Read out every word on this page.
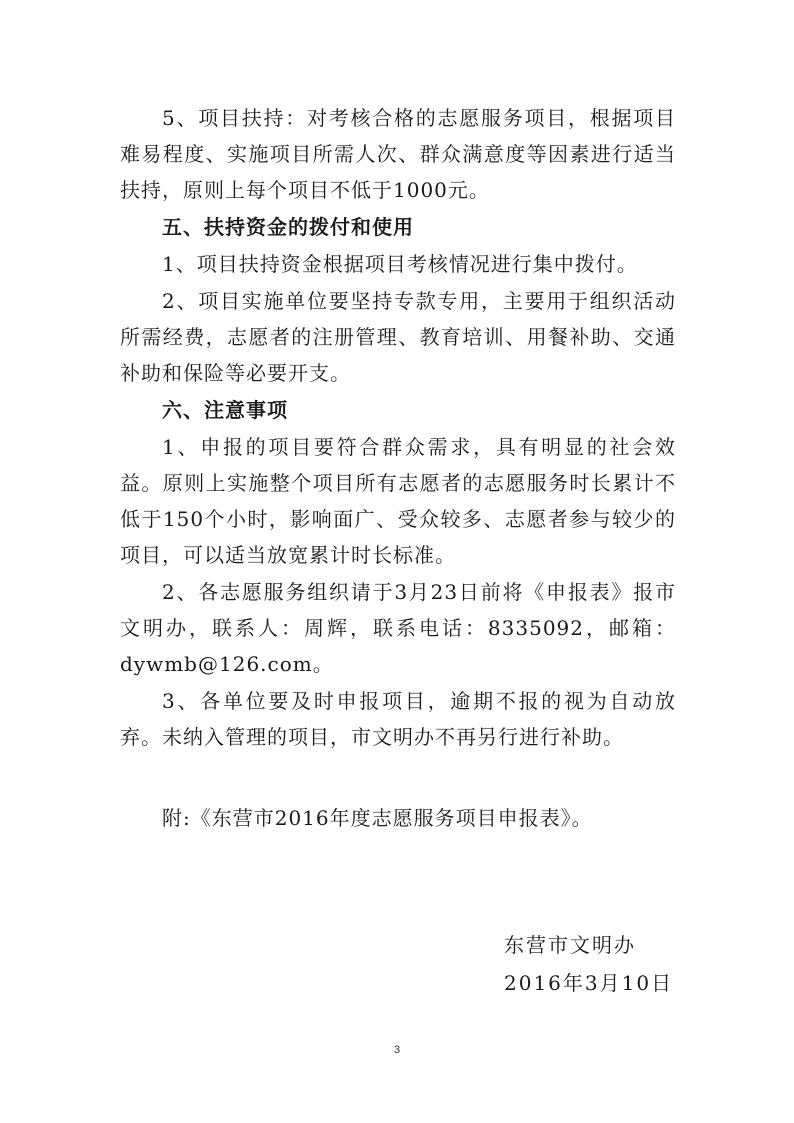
5、项目扶持：对考核合格的志愿服务项目，根据项目难易程度、实施项目所需人次、群众满意度等因素进行适当扶持，原则上每个项目不低于1000元。

五、扶持资金的拨付和使用

1、项目扶持资金根据项目考核情况进行集中拨付。

2、项目实施单位要坚持专款专用，主要用于组织活动所需经费，志愿者的注册管理、教育培训、用餐补助、交通补助和保险等必要开支。

六、注意事项

1、申报的项目要符合群众需求，具有明显的社会效益。原则上实施整个项目所有志愿者的志愿服务时长累计不低于150个小时，影响面广、受众较多、志愿者参与较少的项目，可以适当放宽累计时长标准。

2、各志愿服务组织请于3月23日前将《申报表》报市文明办，联系人：周辉，联系电话：8335092，邮箱：dywmb@126.com。

3、各单位要及时申报项目，逾期不报的视为自动放弃。未纳入管理的项目，市文明办不再另行进行补助。

附:《东营市2016年度志愿服务项目申报表》。

东营市文明办
2016年3月10日
3
